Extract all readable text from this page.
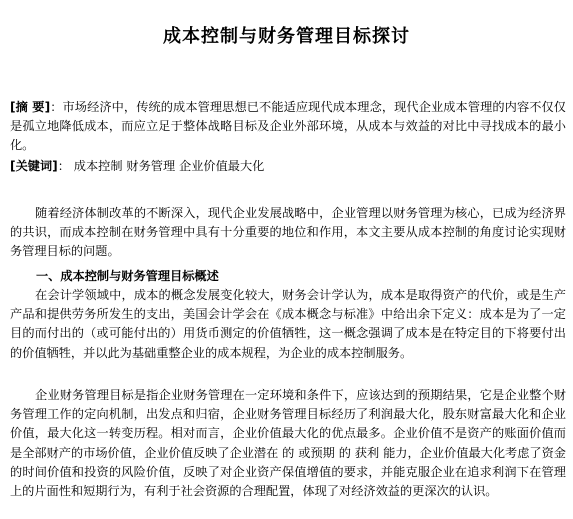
成本控制与财务管理目标探讨

[摘 要]：市场经济中，传统的成本管理思想已不能适应现代成本理念，现代企业成本管理的内容不仅仅是孤立地降低成本，而应立足于整体战略目标及企业外部环境，从成本与效益的对比中寻找成本的最小化。

[关键词]： 成本控制 财务管理 企业价值最大化

随着经济体制改革的不断深入，现代企业发展战略中，企业管理以财务管理为核心，已成为经济界的共识，而成本控制在财务管理中具有十分重要的地位和作用，本文主要从成本控制的角度讨论实现财务管理目标的问题。

一、成本控制与财务管理目标概述

在会计学领域中，成本的概念发展变化较大，财务会计学认为，成本是取得资产的代价，或是生产产品和提供劳务所发生的支出，美国会计学会在《成本概念与标准》中给出余下定义：成本是为了一定目的而付出的（或可能付出的）用货币测定的价值牺牲，这一概念强调了成本是在特定目的下将要付出的价值牺牲，并以此为基础重整企业的成本规程，为企业的成本控制服务。

企业财务管理目标是指企业财务管理在一定环境和条件下，应该达到的预期结果，它是企业整个财务管理工作的定向机制，出发点和归宿，企业财务管理目标经历了利润最大化，股东财富最大化和企业价值，最大化这一转变历程。相对而言，企业价值最大化的优点最多。企业价值不是资产的账面价值而是全部财产的市场价值，企业价值反映了企业潜在 的 或预期 的 获利 能力，企业价值最大化考虑了资金的时间价值和投资的风险价值，反映了对企业资产保值增值的要求，并能克服企业在追求利润下在管理上的片面性和短期行为，有利于社会资源的合理配置，体现了对经济效益的更深次的认识。
